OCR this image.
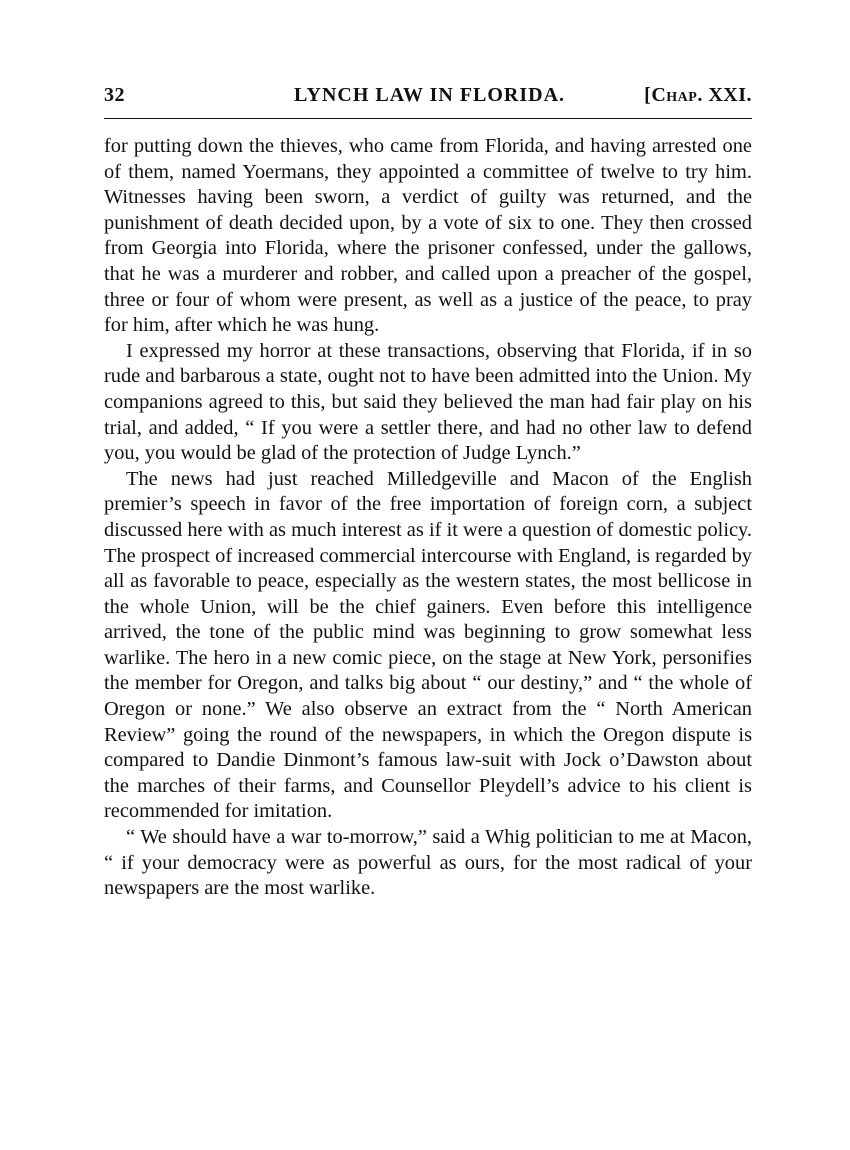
32	LYNCH LAW IN FLORIDA.	[Chap. XXI.

for putting down the thieves, who came from Florida, and having arrested one of them, named Yoermans, they appointed a committee of twelve to try him. Witnesses having been sworn, a verdict of guilty was returned, and the punishment of death decided upon, by a vote of six to one. They then crossed from Georgia into Florida, where the prisoner confessed, under the gallows, that he was a murderer and robber, and called upon a preacher of the gospel, three or four of whom were present, as well as a justice of the peace, to pray for him, after which he was hung.

I expressed my horror at these transactions, observing that Florida, if in so rude and barbarous a state, ought not to have been admitted into the Union. My companions agreed to this, but said they believed the man had fair play on his trial, and added, “ If you were a settler there, and had no other law to defend you, you would be glad of the protection of Judge Lynch.”

The news had just reached Milledgeville and Macon of the English premier’s speech in favor of the free importation of foreign corn, a subject discussed here with as much interest as if it were a question of domestic policy. The prospect of increased commercial intercourse with England, is regarded by all as favorable to peace, especially as the western states, the most bellicose in the whole Union, will be the chief gainers. Even before this intelligence arrived, the tone of the public mind was beginning to grow somewhat less warlike. The hero in a new comic piece, on the stage at New York, personifies the member for Oregon, and talks big about “ our destiny,” and “ the whole of Oregon or none.” We also observe an extract from the “ North American Review” going the round of the newspapers, in which the Oregon dispute is compared to Dandie Dinmont’s famous law-suit with Jock o’Dawston about the marches of their farms, and Counsellor Pleydell’s advice to his client is recommended for imitation.

“ We should have a war to-morrow,” said a Whig politician to me at Macon, “ if your democracy were as powerful as ours, for the most radical of your newspapers are the most warlike.
